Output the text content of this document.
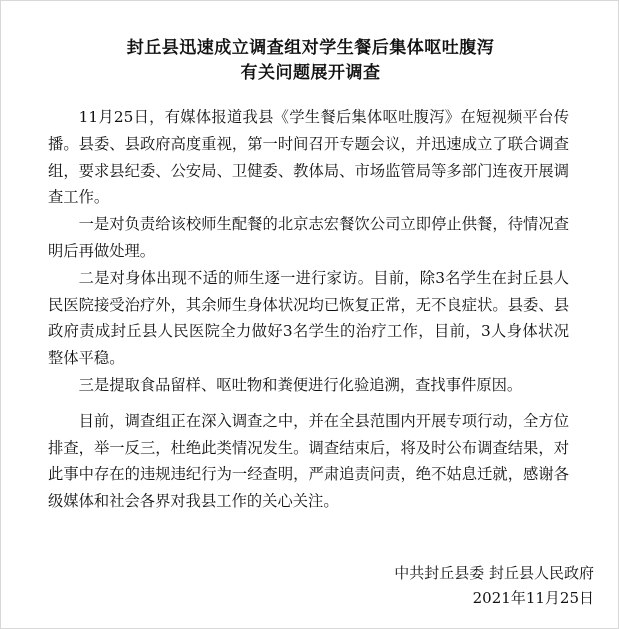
封丘县迅速成立调查组对学生餐后集体呕吐腹泻
有关问题展开调查

11月25日，有媒体报道我县《学生餐后集体呕吐腹泻》在短视频平台传播。县委、县政府高度重视，第一时间召开专题会议，并迅速成立了联合调查组，要求县纪委、公安局、卫健委、教体局、市场监管局等多部门连夜开展调查工作。

一是对负责给该校师生配餐的北京志宏餐饮公司立即停止供餐，待情况查明后再做处理。

二是对身体出现不适的师生逐一进行家访。目前，除3名学生在封丘县人民医院接受治疗外，其余师生身体状况均已恢复正常，无不良症状。县委、县政府责成封丘县人民医院全力做好3名学生的治疗工作，目前，3人身体状况整体平稳。

三是提取食品留样、呕吐物和粪便进行化验追溯，查找事件原因。

目前，调查组正在深入调查之中，并在全县范围内开展专项行动，全方位排查，举一反三，杜绝此类情况发生。调查结束后，将及时公布调查结果，对此事中存在的违规违纪行为一经查明，严肃追责问责，绝不姑息迁就，感谢各级媒体和社会各界对我县工作的关心关注。

中共封丘县委 封丘县人民政府
2021年11月25日
